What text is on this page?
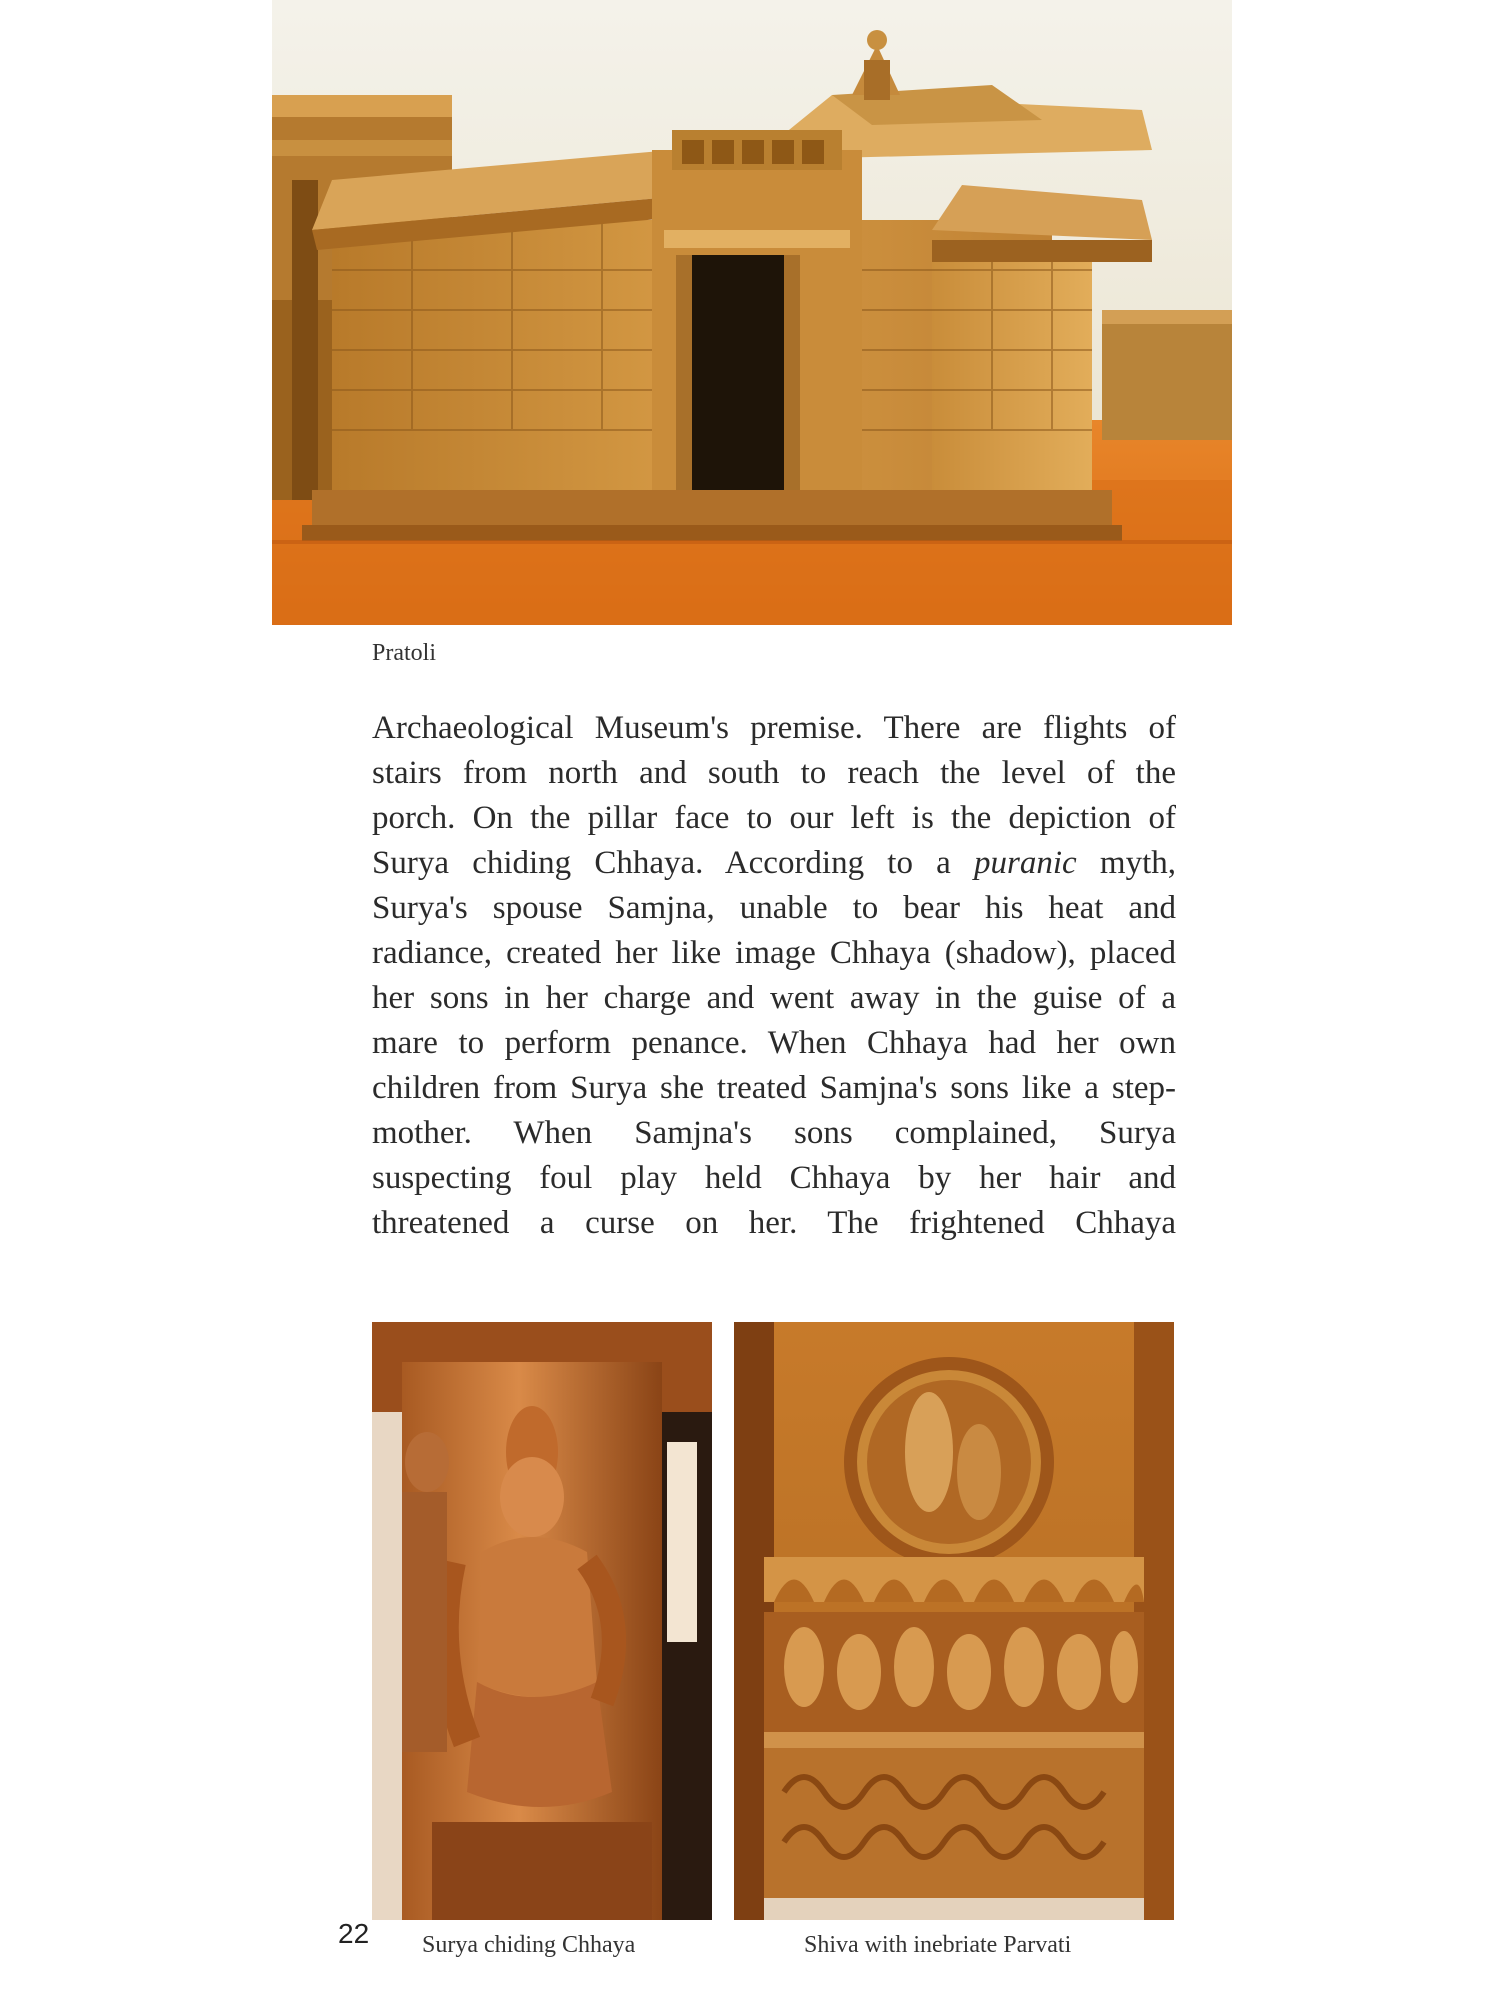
Pratoli
Archaeological Museum's premise. There are flights of
stairs from north and south to reach the level of the
porch. On the pillar face to our left is the depiction of
Surya chiding Chhaya. According to a puranic myth,
Surya's spouse Samjna, unable to bear his heat and
radiance, created her like image Chhaya (shadow), placed
her sons in her charge and went away in the guise of a
mare to perform penance. When Chhaya had her own
children from Surya she treated Samjna's sons like a step-
mother. When Samjna's sons complained, Surya
suspecting foul play held Chhaya by her hair and
threatened a curse on her. The frightened Chhaya
Surya chiding Chhaya	Shiva with inebriate Parvati
22
